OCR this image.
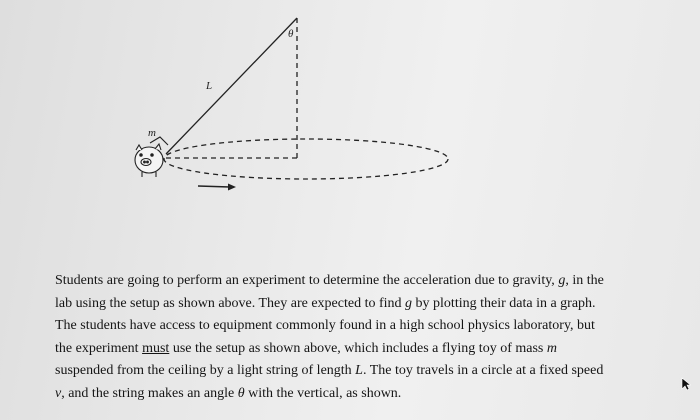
θ
L
m

Students are going to perform an experiment to determine the acceleration due to gravity, g, in the
lab using the setup as shown above. They are expected to find g by plotting their data in a graph.
The students have access to equipment commonly found in a high school physics laboratory, but
the experiment must use the setup as shown above, which includes a flying toy of mass m
suspended from the ceiling by a light string of length L. The toy travels in a circle at a fixed speed
v, and the string makes an angle θ with the vertical, as shown.
